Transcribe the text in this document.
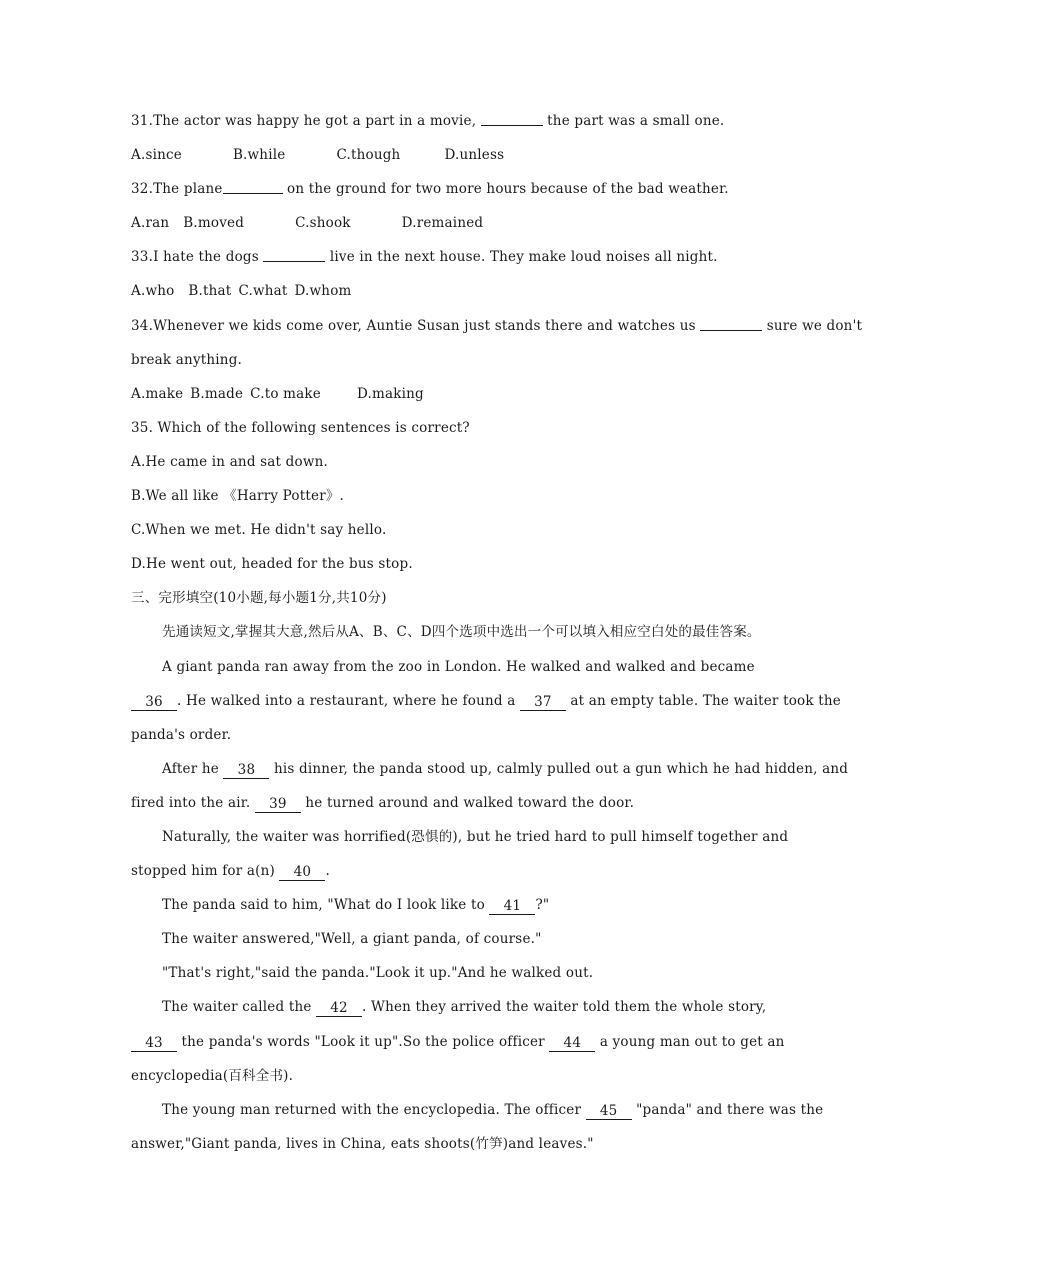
31.The actor was happy he got a part in a movie,	the part was a small one.
A.since	B.while	C.though	D.unless
32.The plane	on the ground for two more hours because of the bad weather.
A.ran B.moved	C.shook	D.remained
33.I hate the dogs	live in the next house. They make loud noises all night.
A.who B.that C.what D.whom
34.Whenever we kids come over, Auntie Susan just stands there and watches us	sure we don't
break anything.
A.make B.made C.to make	D.making
35. Which of the following sentences is correct?
A.He came in and sat down.
B.We all like 《Harry Potter》.
C.When we met. He didn't say hello.
D.He went out, headed for the bus stop.
三、完形填空(10小题,每小题1分,共10分)
先通读短文,掌握其大意,然后从A、B、C、D四个选项中选出一个可以填入相应空白处的最佳答案。
A giant panda ran away from the zoo in London. He walked and walked and became
36 . He walked into a restaurant, where he found a 37 at an empty table. The waiter took the
panda's order.
After he 38 his dinner, the panda stood up, calmly pulled out a gun which he had hidden, and
fired into the air. 39 he turned around and walked toward the door.
Naturally, the waiter was horrified(恐惧的), but he tried hard to pull himself together and
stopped him for a(n) 40 .
The panda said to him, "What do I look like to 41 ?"
The waiter answered,"Well, a giant panda, of course."
"That's right,"said the panda."Look it up."And he walked out.
The waiter called the 42 . When they arrived the waiter told them the whole story,
43 the panda's words "Look it up".So the police officer 44 a young man out to get an
encyclopedia(百科全书).
The young man returned with the encyclopedia. The officer 45 "panda" and there was the
answer,"Giant panda, lives in China, eats shoots(竹笋)and leaves."
